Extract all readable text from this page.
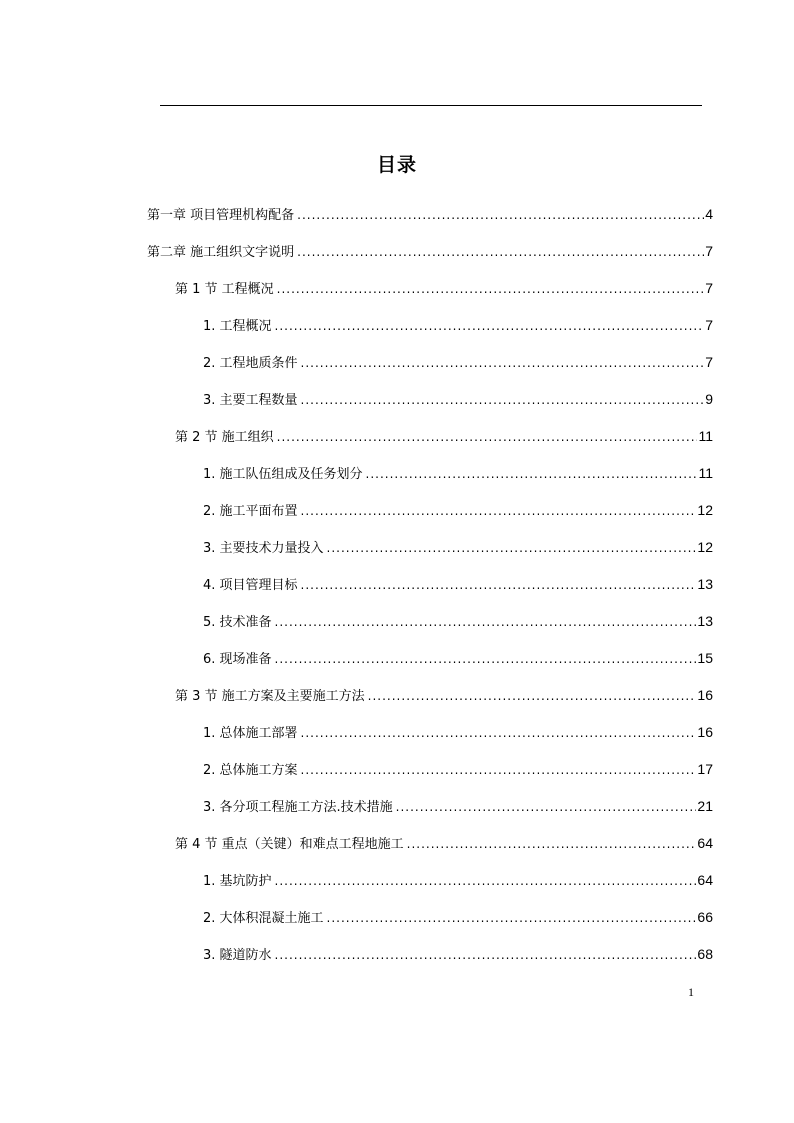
目录
第一章 项目管理机构配备 .....	4
第二章 施工组织文字说明 .....	7
第 1 节 工程概况 .....	7
1. 工程概况 .....	7
2. 工程地质条件 .....	7
3. 主要工程数量 .....	9
第 2 节 施工组织 .....	11
1. 施工队伍组成及任务划分 .....	11
2. 施工平面布置 .....	12
3. 主要技术力量投入 .....	12
4. 项目管理目标 .....	13
5. 技术准备 .....	13
6. 现场准备 .....	15
第 3 节 施工方案及主要施工方法 .....	16
1. 总体施工部署 .....	16
2. 总体施工方案 .....	17
3. 各分项工程施工方法.技术措施 .....	21
第 4 节 重点（关键）和难点工程地施工 .....	64
1. 基坑防护 .....	64
2. 大体积混凝土施工 .....	66
3. 隧道防水 .....	68
1
